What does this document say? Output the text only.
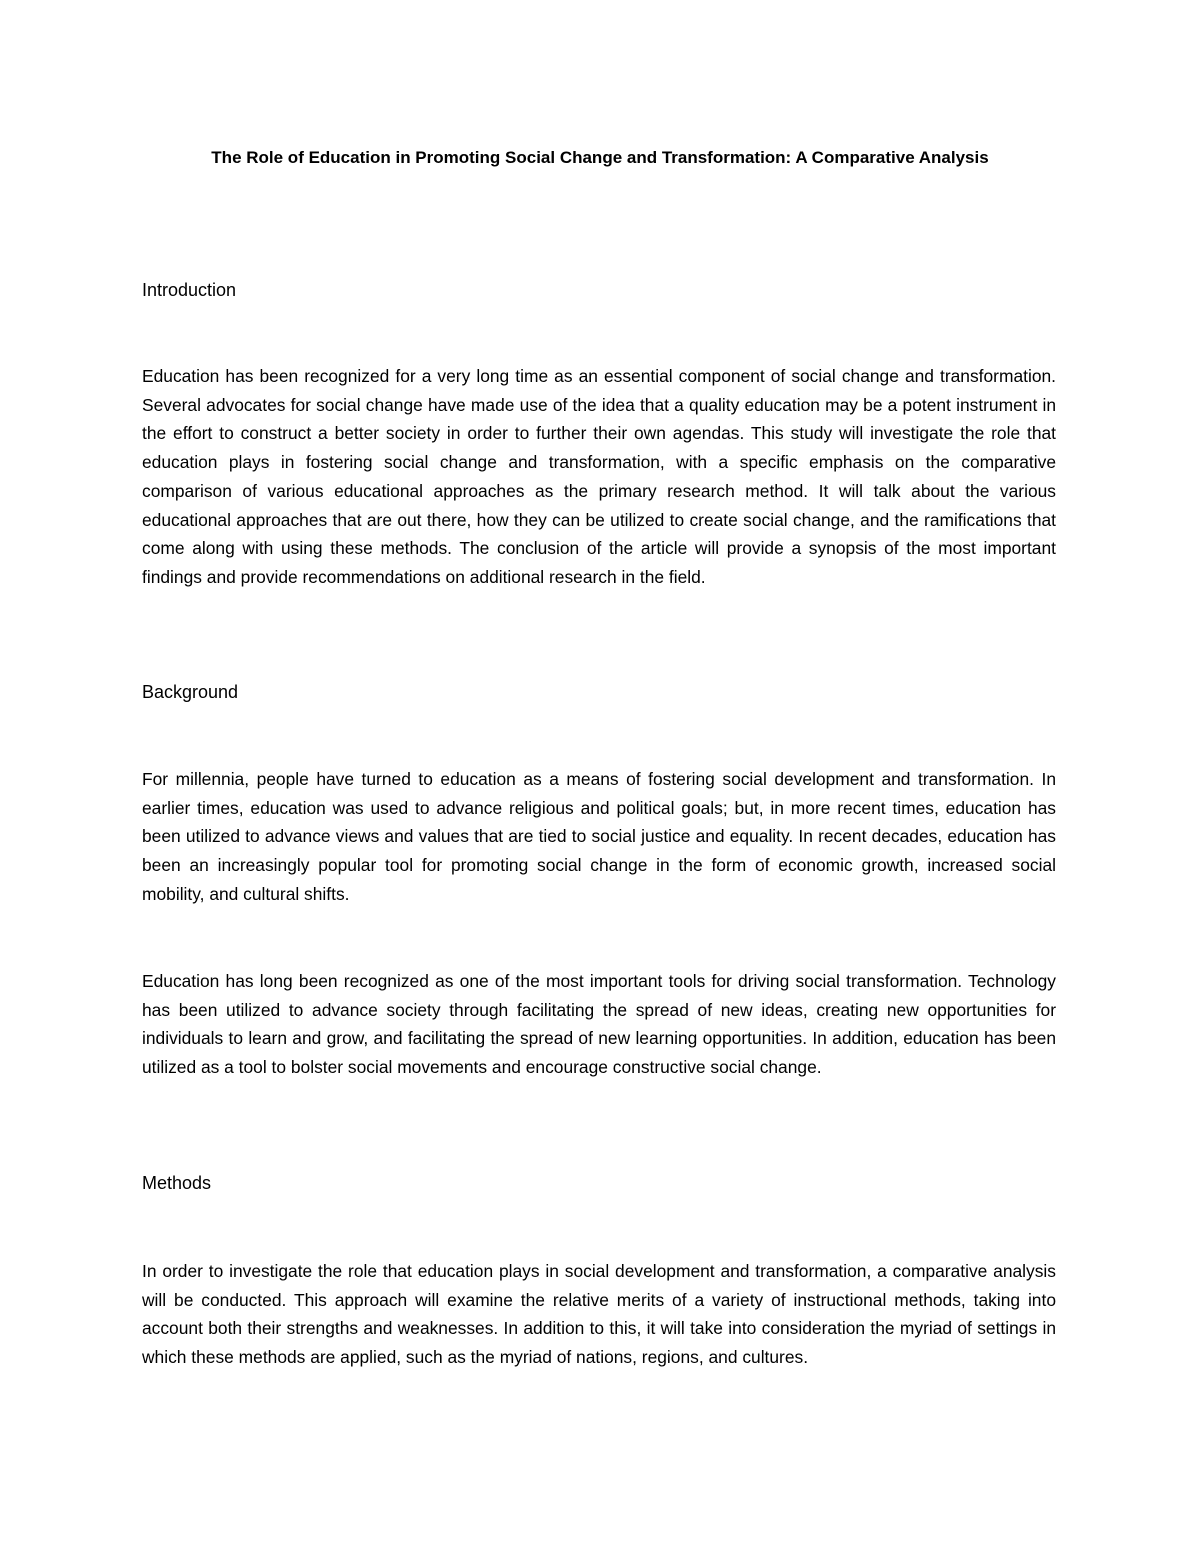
The Role of Education in Promoting Social Change and Transformation: A Comparative Analysis
Introduction

Education has been recognized for a very long time as an essential component of social change and transformation. Several advocates for social change have made use of the idea that a quality education may be a potent instrument in the effort to construct a better society in order to further their own agendas. This study will investigate the role that education plays in fostering social change and transformation, with a specific emphasis on the comparative comparison of various educational approaches as the primary research method. It will talk about the various educational approaches that are out there, how they can be utilized to create social change, and the ramifications that come along with using these methods. The conclusion of the article will provide a synopsis of the most important findings and provide recommendations on additional research in the field.

Background

For millennia, people have turned to education as a means of fostering social development and transformation. In earlier times, education was used to advance religious and political goals; but, in more recent times, education has been utilized to advance views and values that are tied to social justice and equality. In recent decades, education has been an increasingly popular tool for promoting social change in the form of economic growth, increased social mobility, and cultural shifts.

Education has long been recognized as one of the most important tools for driving social transformation. Technology has been utilized to advance society through facilitating the spread of new ideas, creating new opportunities for individuals to learn and grow, and facilitating the spread of new learning opportunities. In addition, education has been utilized as a tool to bolster social movements and encourage constructive social change.

Methods

In order to investigate the role that education plays in social development and transformation, a comparative analysis will be conducted. This approach will examine the relative merits of a variety of instructional methods, taking into account both their strengths and weaknesses. In addition to this, it will take into consideration the myriad of settings in which these methods are applied, such as the myriad of nations, regions, and cultures.
